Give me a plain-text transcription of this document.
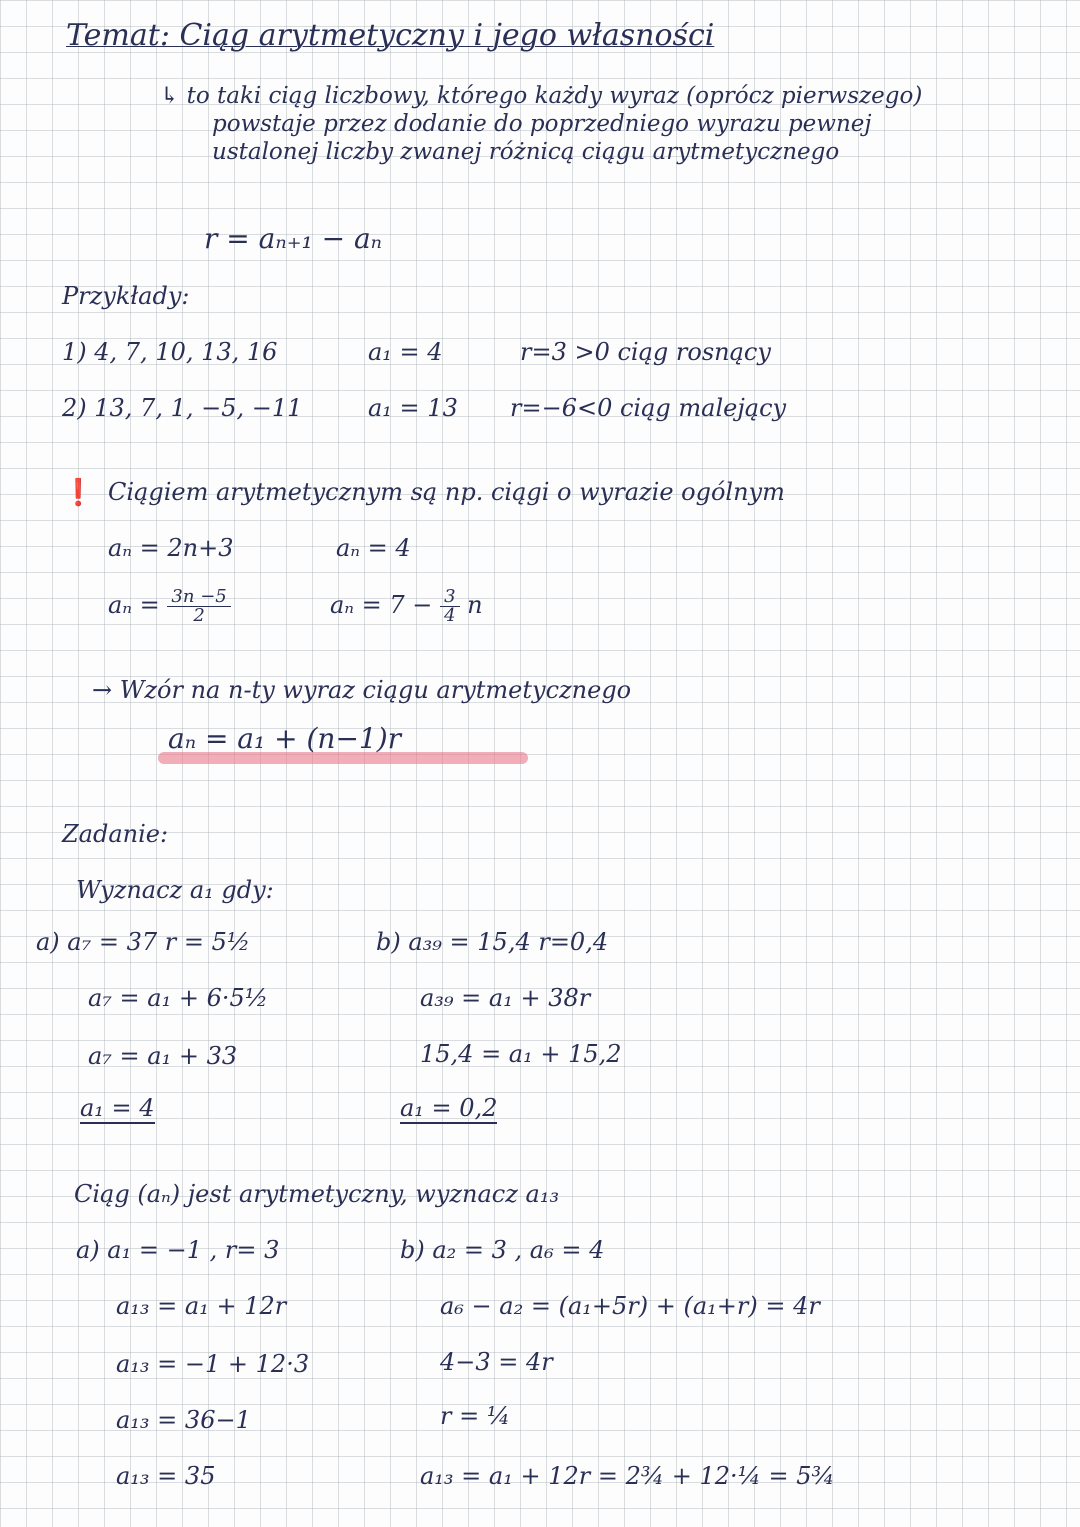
Temat: Ciąg arytmetyczny i jego własności
↳ to taki ciąg liczbowy, którego każdy wyraz (oprócz pierwszego)
powstaje przez dodanie do poprzedniego wyrazu pewnej
ustalonej liczby zwanej różnicą ciągu arytmetycznego
r = aₙ₊₁ − aₙ
Przykłady:
1) 4, 7, 10, 13, 16	a₁ = 4	r=3 >0 ciąg rosnący
2) 13, 7, 1, −5, −11	a₁ = 13 r=−6<0 ciąg malejący
❗ Ciągiem arytmetycznym są np. ciągi o wyrazie ogólnym
aₙ = 2n+3	aₙ = 4
$a_n = \frac{3n -5}{2}$	$a_n = 7 - \frac{3}{4}$ n
→ Wzór na n-ty wyraz ciągu arytmetycznego
aₙ = a₁ + (n−1)r
Zadanie:
Wyznacz a₁ gdy:
a) a₇ = 37 r = 5½
a₇ = a₁ + 6·5½
a₇ = a₁ + 33
a₁ = 4
b) a₃₉ = 15,4 r=0,4
a₃₉ = a₁ + 38r
15,4 = a₁ + 15,2
a₁ = 0,2
Ciąg (aₙ) jest arytmetyczny, wyznacz a₁₃
a) a₁ = −1 , r= 3
a₁₃ = a₁ + 12r
a₁₃ = −1 + 12·3
a₁₃ = 36−1
a₁₃ = 35
b) a₂ = 3 , a₆ = 4
a₆ − a₂ = (a₁+5r) + (a₁+r) = 4r
4−3 = 4r
r = ¼
a₁₃ = a₁ + 12r = 2¾ + 12·¼ = 5¾
